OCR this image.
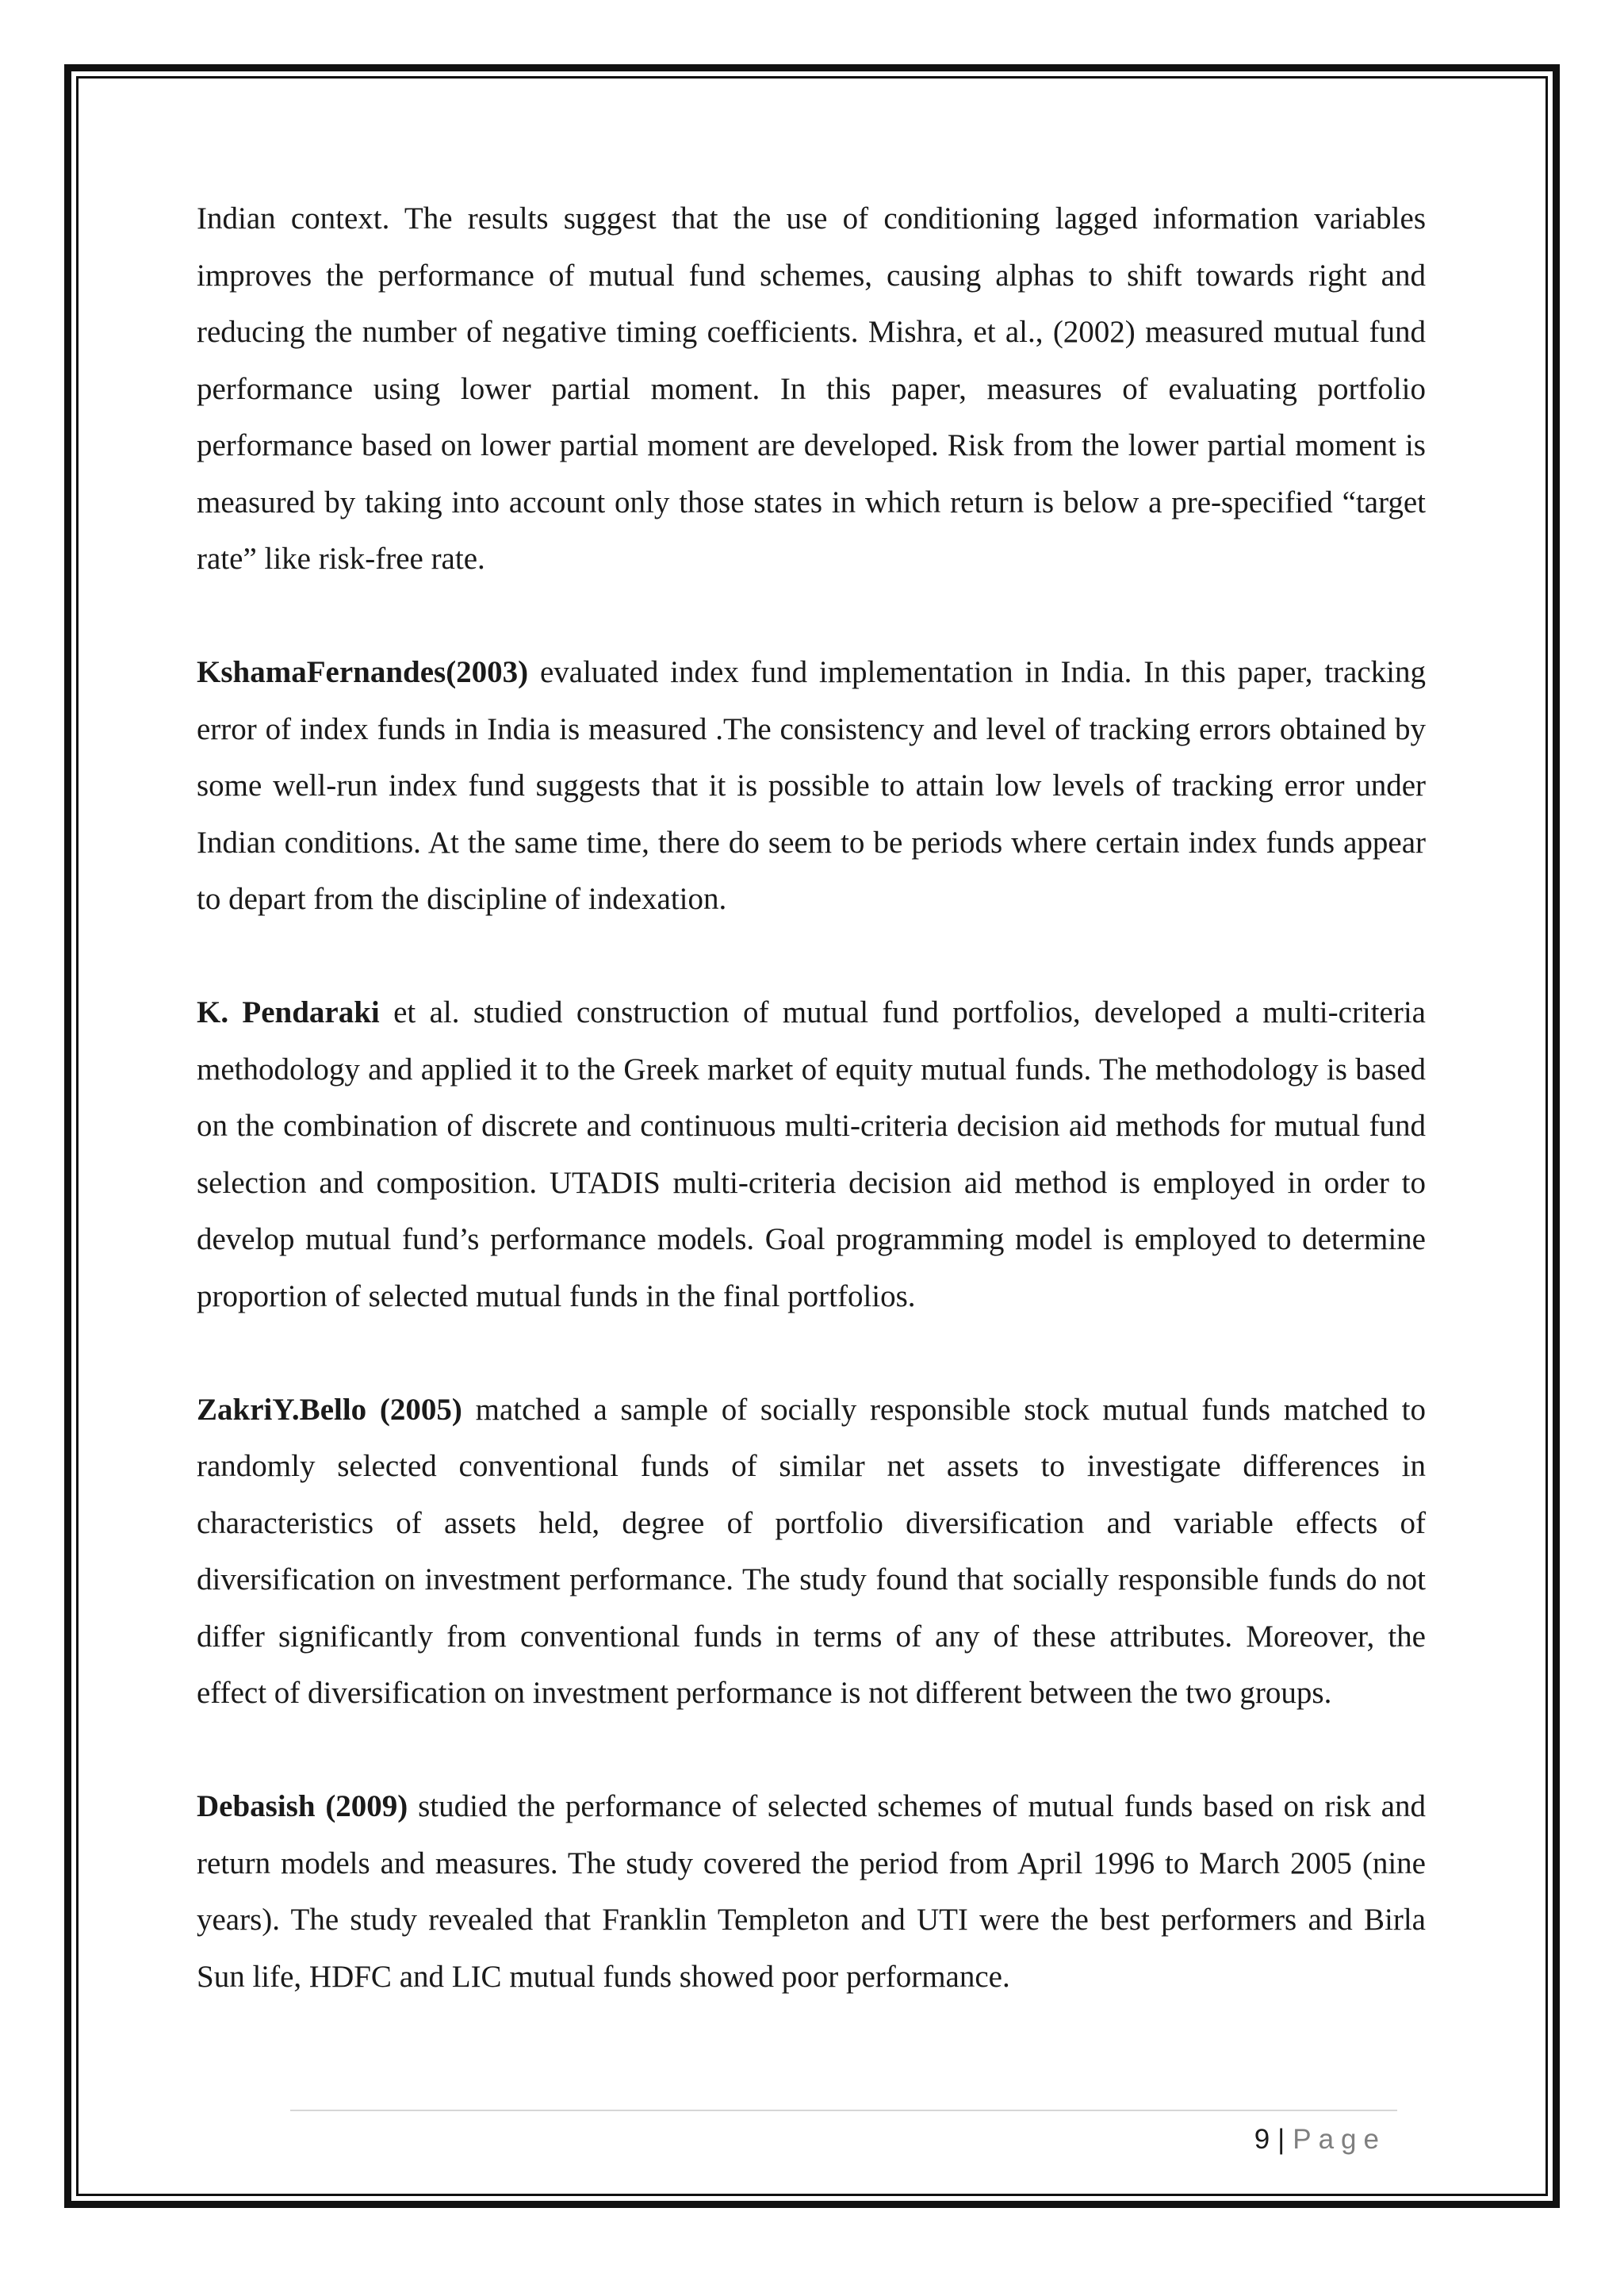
Indian context. The results suggest that the use of conditioning lagged information variables improves the performance of mutual fund schemes, causing alphas to shift towards right and reducing the number of negative timing coefficients. Mishra, et al., (2002) measured mutual fund performance using lower partial moment. In this paper, measures of evaluating portfolio performance based on lower partial moment are developed. Risk from the lower partial moment is measured by taking into account only those states in which return is below a pre-specified “target rate” like risk-free rate.

KshamaFernandes(2003) evaluated index fund implementation in India. In this paper, tracking error of index funds in India is measured .The consistency and level of tracking errors obtained by some well-run index fund suggests that it is possible to attain low levels of tracking error under Indian conditions. At the same time, there do seem to be periods where certain index funds appear to depart from the discipline of indexation.

K. Pendaraki et al. studied construction of mutual fund portfolios, developed a multi-criteria methodology and applied it to the Greek market of equity mutual funds. The methodology is based on the combination of discrete and continuous multi-criteria decision aid methods for mutual fund selection and composition. UTADIS multi-criteria decision aid method is employed in order to develop mutual fund’s performance models. Goal programming model is employed to determine proportion of selected mutual funds in the final portfolios.

ZakriY.Bello (2005) matched a sample of socially responsible stock mutual funds matched to randomly selected conventional funds of similar net assets to investigate differences in characteristics of assets held, degree of portfolio diversification and variable effects of diversification on investment performance. The study found that socially responsible funds do not differ significantly from conventional funds in terms of any of these attributes. Moreover, the effect of diversification on investment performance is not different between the two groups.

Debasish (2009) studied the performance of selected schemes of mutual funds based on risk and return models and measures. The study covered the period from April 1996 to March 2005 (nine years). The study revealed that Franklin Templeton and UTI were the best performers and Birla Sun life, HDFC and LIC mutual funds showed poor performance.

9 | Page
